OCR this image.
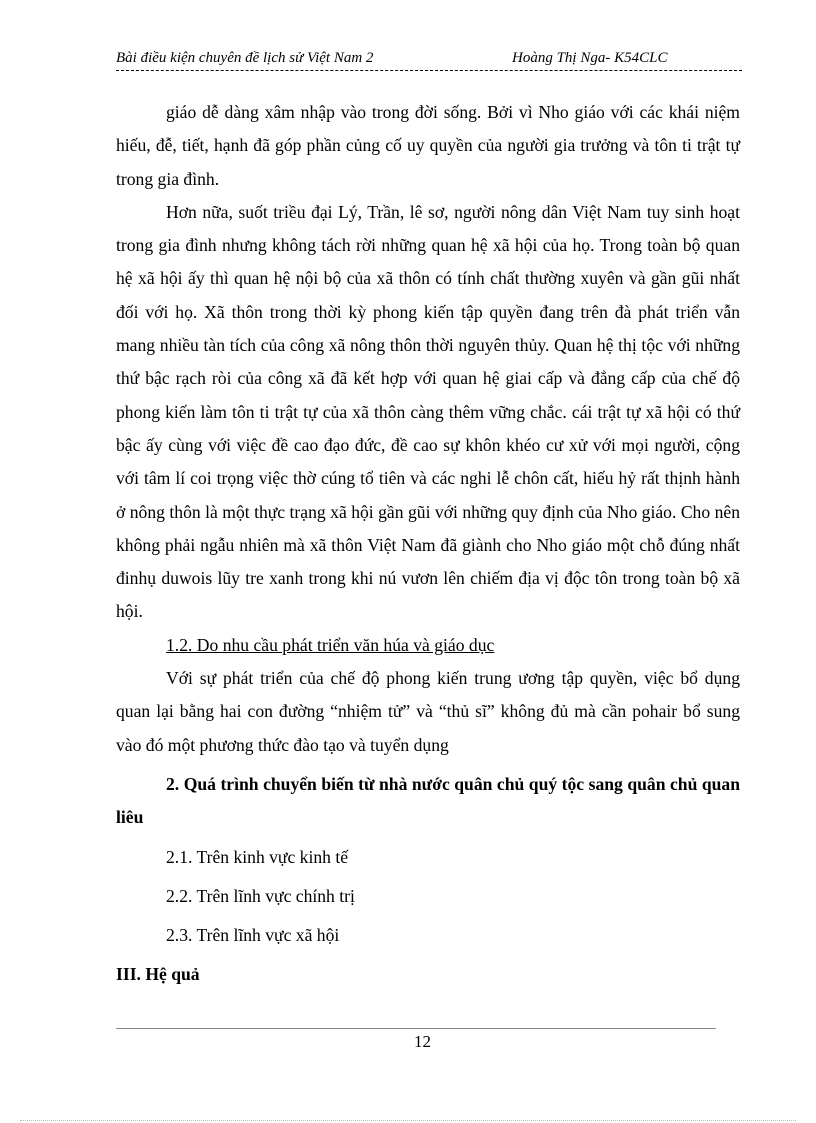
Bài điều kiện chuyên đề lịch sử Việt Nam 2	Hoàng Thị Nga- K54CLC

giáo dễ dàng xâm nhập vào trong đời sống. Bởi vì Nho giáo với các khái niệm hiếu, đễ, tiết, hạnh đã góp phần củng cố uy quyền của người gia trưởng và tôn ti trật tự trong gia đình.

Hơn nữa, suốt triều đại Lý, Trần, lê sơ, người nông dân Việt Nam tuy sinh hoạt trong gia đình nhưng không tách rời những quan hệ xã hội của họ. Trong toàn bộ quan hệ xã hội ấy thì quan hệ nội bộ của xã thôn có tính chất thường xuyên và gần gũi nhất đối với họ. Xã thôn trong thời kỳ phong kiến tập quyền đang trên đà phát triển vẫn mang nhiều tàn tích của công xã nông thôn thời nguyên thủy. Quan hệ thị tộc với những thứ bậc rạch ròi của công xã đã kết hợp với quan hệ giai cấp và đẳng cấp của chế độ phong kiến làm tôn ti trật tự của xã thôn càng thêm vững chắc. cái trật tự xã hội có thứ bậc ấy cùng với việc đề cao đạo đức, đề cao sự khôn khéo cư xử với mọi người, cộng với tâm lí coi trọng việc thờ cúng tổ tiên và các nghi lễ chôn cất, hiếu hỷ rất thịnh hành ở nông thôn là một thực trạng xã hội gần gũi với những quy định của Nho giáo. Cho nên không phải ngẫu nhiên mà xã thôn Việt Nam đã giành cho Nho giáo một chỗ đúng nhất đinhụ duwois lũy tre xanh trong khi nú vươn lên chiếm địa vị độc tôn trong toàn bộ xã hội.

1.2. Do nhu cầu phát triển văn húa và giáo dục

Với sự phát triển của chế độ phong kiến trung ương tập quyền, việc bổ dụng quan lại bằng hai con đường “nhiệm tử” và “thủ sĩ” không đủ mà cần pohair bổ sung vào đó một phương thức đào tạo và tuyển dụng

2. Quá trình chuyển biến từ nhà nước quân chủ quý tộc sang quân chủ quan liêu

2.1. Trên kinh vực kinh tế

2.2. Trên lĩnh vực chính trị

2.3. Trên lĩnh vực xã hội

III. Hệ quả

12
